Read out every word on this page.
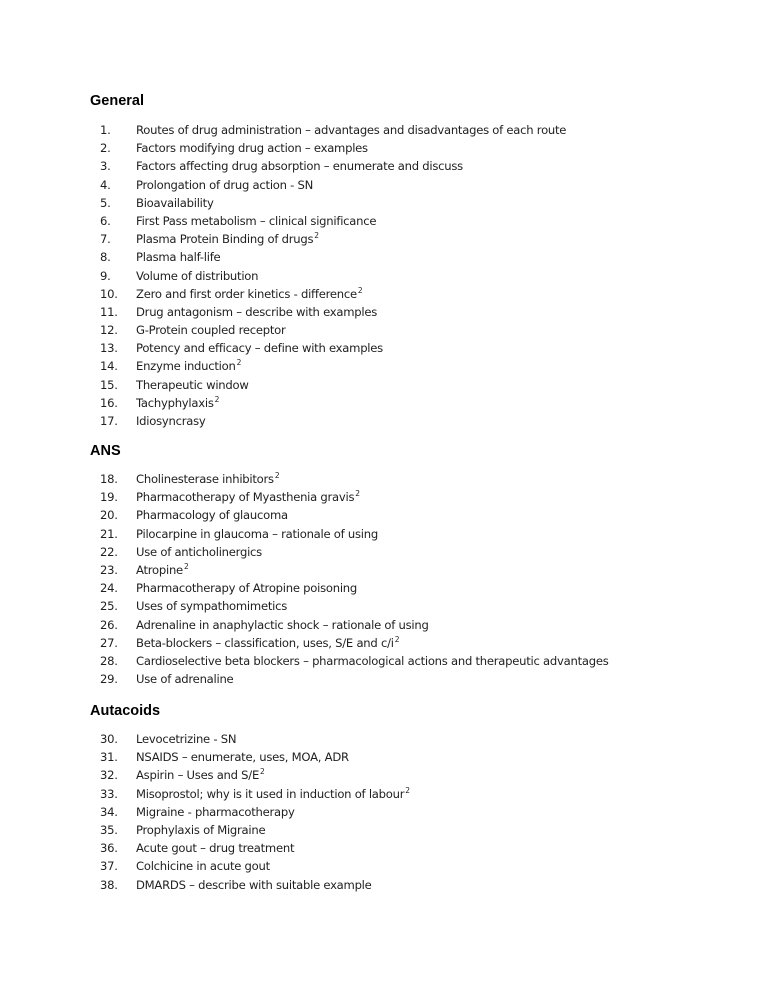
General
1.	Routes of drug administration – advantages and disadvantages of each route
2.	Factors modifying drug action – examples
3.	Factors affecting drug absorption – enumerate and discuss
4.	Prolongation of drug action - SN
5.	Bioavailability
6.	First Pass metabolism – clinical significance
7.	Plasma Protein Binding of drugs$^2$
8.	Plasma half-life
9.	Volume of distribution
10.	Zero and first order kinetics - difference$^2$
11.	Drug antagonism – describe with examples
12.	G-Protein coupled receptor
13.	Potency and efficacy – define with examples
14.	Enzyme induction$^2$
15.	Therapeutic window
16.	Tachyphylaxis$^2$
17.	Idiosyncrasy
ANS
18.	Cholinesterase inhibitors$^2$
19.	Pharmacotherapy of Myasthenia gravis$^2$
20.	Pharmacology of glaucoma
21.	Pilocarpine in glaucoma – rationale of using
22.	Use of anticholinergics
23.	Atropine$^2$
24.	Pharmacotherapy of Atropine poisoning
25.	Uses of sympathomimetics
26.	Adrenaline in anaphylactic shock – rationale of using
27.	Beta-blockers – classification, uses, S/E and $c/i^2$
28.	Cardioselective beta blockers – pharmacological actions and therapeutic advantages
29.	Use of adrenaline
Autacoids
30.	Levocetrizine - SN
31.	NSAIDS – enumerate, uses, MOA, ADR
32.	Aspirin – Uses and $S/E^2$
33.	Misoprostol; why is it used in induction of labour$^2$
34.	Migraine - pharmacotherapy
35.	Prophylaxis of Migraine
36.	Acute gout – drug treatment
37.	Colchicine in acute gout
38.	DMARDS – describe with suitable example
